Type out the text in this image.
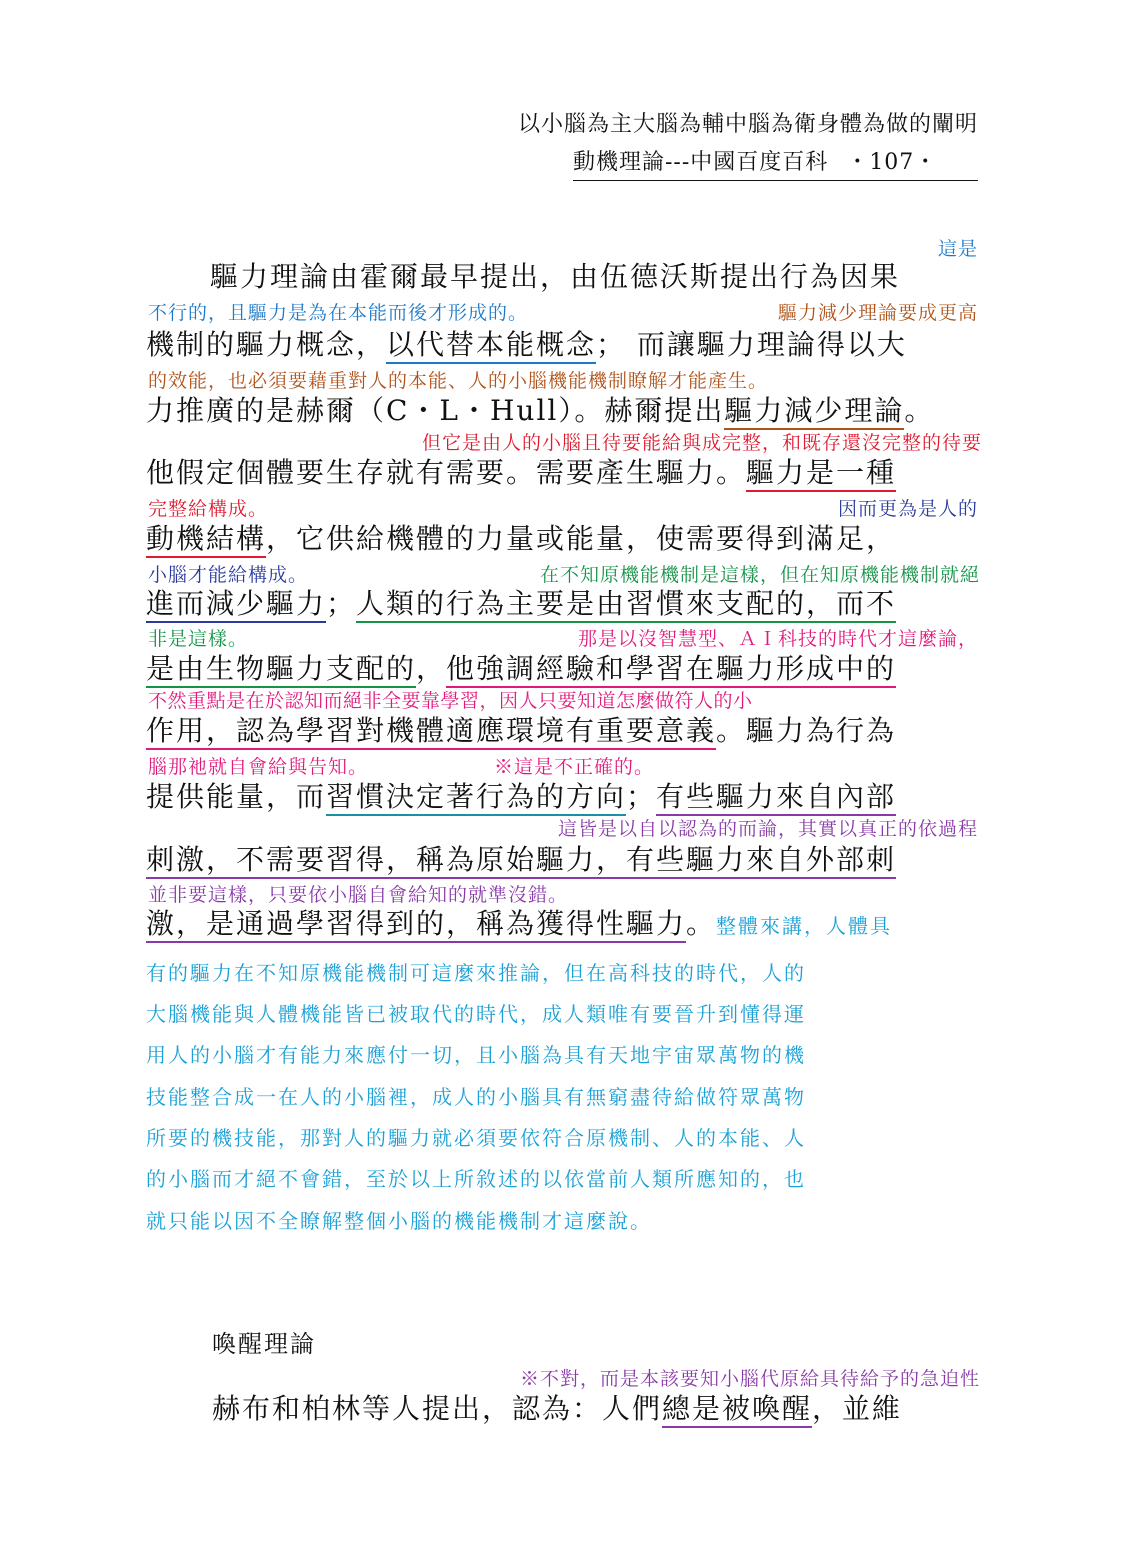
以小腦為主大腦為輔中腦為衛身體為做的闡明
動機理論---中國百度百科 ・107・
這是
驅力理論由霍爾最早提出，由伍德沃斯提出行為因果
不行的，且驅力是為在本能而後才形成的。	驅力減少理論要成更高
機制的驅力概念，以代替本能概念； 而讓驅力理論得以大
的效能，也必須要藉重對人的本能、人的小腦機能機制瞭解才能產生。
力推廣的是赫爾（C・L・Hull）。赫爾提出驅力減少理論。
但它是由人的小腦且待要能給與成完整，和既存還沒完整的待要
他假定個體要生存就有需要。需要產生驅力。驅力是一種
完整給構成。	因而更為是人的
動機結構，它供給機體的力量或能量，使需要得到滿足，
小腦才能給構成。	在不知原機能機制是這樣，但在知原機能機制就絕
進而減少驅力；人類的行為主要是由習慣來支配的，而不
非是這樣。	那是以沒智慧型、ＡＩ科技的時代才這麼論，
是由生物驅力支配的，他強調經驗和學習在驅力形成中的
不然重點是在於認知而絕非全要靠學習，因人只要知道怎麼做符人的小
作用，認為學習對機體適應環境有重要意義。驅力為行為
腦那祂就自會給與告知。	※這是不正確的。
提供能量，而習慣決定著行為的方向；有些驅力來自內部
這皆是以自以認為的而論，其實以真正的依過程
刺激，不需要習得，稱為原始驅力，有些驅力來自外部刺
並非要這樣，只要依小腦自會給知的就準沒錯。
激，是通過學習得到的，稱為獲得性驅力。整體來講，人體具
有的驅力在不知原機能機制可這麼來推論，但在高科技的時代，人的
大腦機能與人體機能皆已被取代的時代，成人類唯有要晉升到懂得運
用人的小腦才有能力來應付一切，且小腦為具有天地宇宙眾萬物的機
技能整合成一在人的小腦裡，成人的小腦具有無窮盡待給做符眾萬物
所要的機技能，那對人的驅力就必須要依符合原機制、人的本能、人
的小腦而才絕不會錯，至於以上所敘述的以依當前人類所應知的，也
就只能以因不全瞭解整個小腦的機能機制才這麼說。
喚醒理論
※不對，而是本該要知小腦代原給具待給予的急迫性
赫布和柏林等人提出，認為：人們總是被喚醒，並維
